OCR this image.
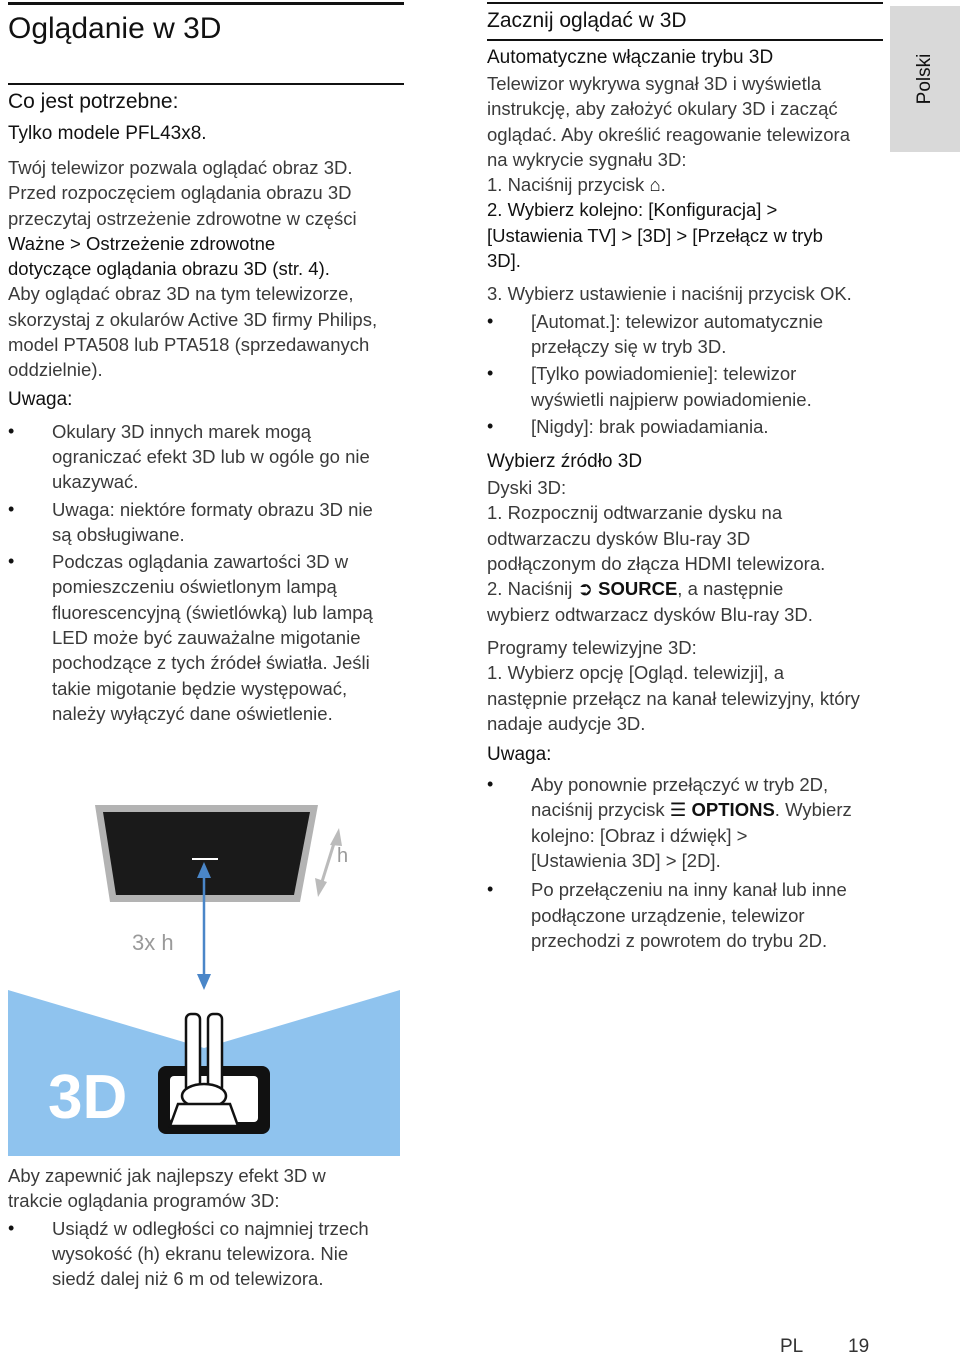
Oglądanie w 3D
Co jest potrzebne:
Tylko modele PFL43x8.
Twój telewizor pozwala oglądać obraz 3D.
Przed rozpoczęciem oglądania obrazu 3D
przeczytaj ostrzeżenie zdrowotne w części
Ważne > Ostrzeżenie zdrowotne
dotyczące oglądania obrazu 3D (str. 4).
Aby oglądać obraz 3D na tym telewizorze,
skorzystaj z okularów Active 3D firmy Philips,
model PTA508 lub PTA518 (sprzedawanych
oddzielnie).
Uwaga:
• Okulary 3D innych marek mogą
ograniczać efekt 3D lub w ogóle go nie
ukazywać.
• Uwaga: niektóre formaty obrazu 3D nie
są obsługiwane.
• Podczas oglądania zawartości 3D w
pomieszczeniu oświetlonym lampą
fluorescencyjną (świetlówką) lub lampą
LED może być zauważalne migotanie
pochodzące z tych źródeł światła. Jeśli
takie migotanie będzie występować,
należy wyłączyć dane oświetlenie.
h
3x h
3D
Aby zapewnić jak najlepszy efekt 3D w
trakcie oglądania programów 3D:
• Usiądź w odległości co najmniej trzech
wysokość (h) ekranu telewizora. Nie
siedź dalej niż 6 m od telewizora.
Zacznij oglądać w 3D
Automatyczne włączanie trybu 3D
Telewizor wykrywa sygnał 3D i wyświetla
instrukcję, aby założyć okulary 3D i zacząć
oglądać. Aby określić reagowanie telewizora
na wykrycie sygnału 3D:
1. Naciśnij przycisk ⌂.
2. Wybierz kolejno: [Konfiguracja] >
[Ustawienia TV] > [3D] > [Przełącz w tryb
3D].
3. Wybierz ustawienie i naciśnij przycisk OK.
• [Automat.]: telewizor automatycznie
przełączy się w tryb 3D.
• [Tylko powiadomienie]: telewizor
wyświetli najpierw powiadomienie.
• [Nigdy]: brak powiadamiania.
Wybierz źródło 3D
Dyski 3D:
1. Rozpocznij odtwarzanie dysku na
odtwarzaczu dysków Blu-ray 3D
podłączonym do złącza HDMI telewizora.
2. Naciśnij ➲ SOURCE, a następnie
wybierz odtwarzacz dysków Blu-ray 3D.
Programy telewizyjne 3D:
1. Wybierz opcję [Ogląd. telewizji], a
następnie przełącz na kanał telewizyjny, który
nadaje audycje 3D.
Uwaga:
• Aby ponownie przełączyć w tryb 2D,
naciśnij przycisk ☰ OPTIONS. Wybierz
kolejno: [Obraz i dźwięk] >
[Ustawienia 3D] > [2D].
• Po przełączeniu na inny kanał lub inne
podłączone urządzenie, telewizor
przechodzi z powrotem do trybu 2D.
Polski
PL 19
